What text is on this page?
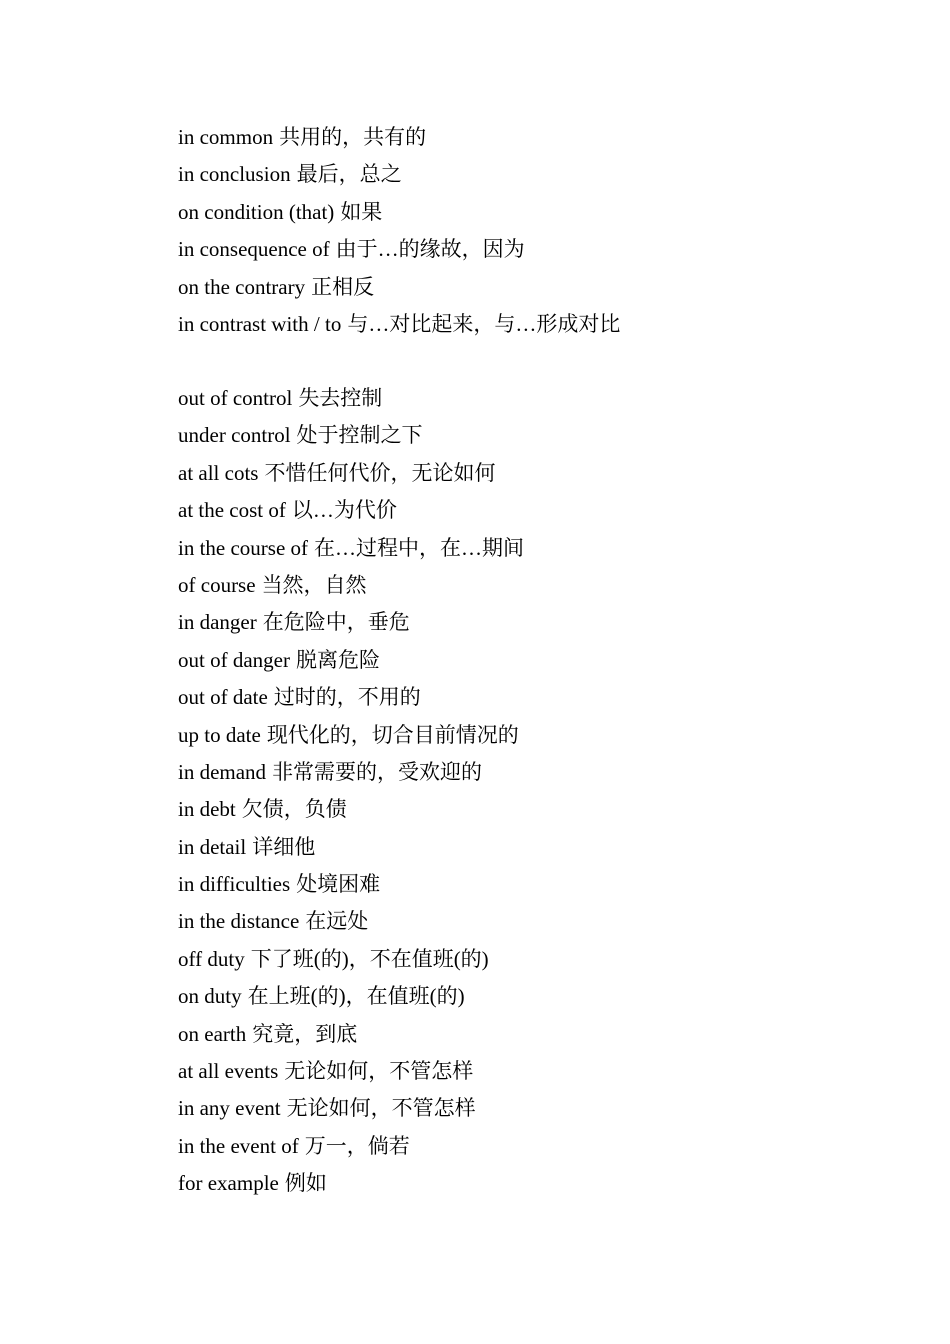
in common 共用的，共有的
in conclusion 最后，总之
on condition (that) 如果
in consequence of 由于…的缘故，因为
on the contrary 正相反
in contrast with / to 与…对比起来，与…形成对比
out of control 失去控制
under control 处于控制之下
at all cots 不惜任何代价，无论如何
at the cost of 以…为代价
in the course of 在…过程中，在…期间
of course 当然，自然
in danger 在危险中，垂危
out of danger 脱离危险
out of date 过时的，不用的
up to date 现代化的，切合目前情况的
in demand 非常需要的，受欢迎的
in debt 欠债，负债
in detail 详细他
in difficulties 处境困难
in the distance 在远处
off duty 下了班(的)，不在值班(的)
on duty 在上班(的)，在值班(的)
on earth 究竟，到底
at all events 无论如何，不管怎样
in any event 无论如何，不管怎样
in the event of 万一，倘若
for example 例如
